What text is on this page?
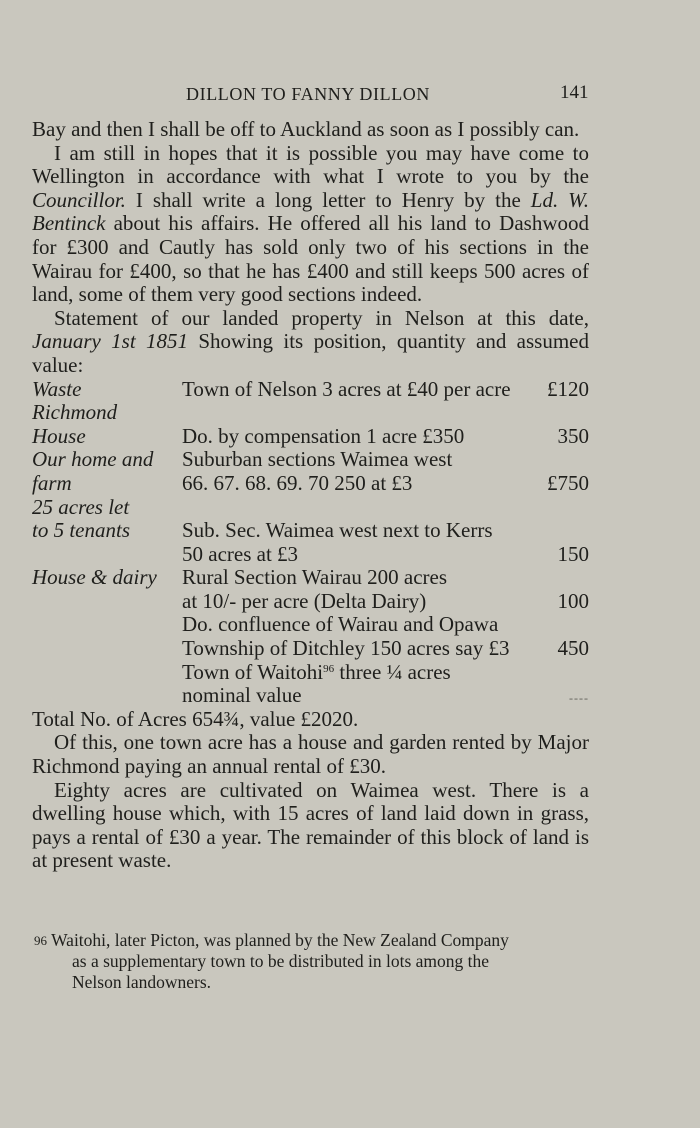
DILLON TO FANNY DILLON	141

Bay and then I shall be off to Auckland as soon as I possibly can.

I am still in hopes that it is possible you may have come to Wellington in accordance with what I wrote to you by the Councillor. I shall write a long letter to Henry by the Ld. W. Bentinck about his affairs. He offered all his land to Dashwood for £300 and Cautly has sold only two of his sections in the Wairau for £400, so that he has £400 and still keeps 500 acres of land, some of them very good sections indeed.

Statement of our landed property in Nelson at this date, January 1st 1851 Showing its position, quantity and assumed value:

Waste	Town of Nelson 3 acres at £40 per acre	£120
Richmond
House	Do. by compensation 1 acre £350	350
Our home and	Suburban sections Waimea west
farm	66. 67. 68. 69. 70 250 at £3	£750
25 acres let
to 5 tenants	Sub. Sec. Waimea west next to Kerrs
50 acres at £3	150
House & dairy	Rural Section Wairau 200 acres
at 10/- per acre (Delta Dairy)	100
Do. confluence of Wairau and Opawa
Township of Ditchley 150 acres say £3	450
Town of Waitohi$^{96}$ three ¼ acres
nominal value	----

Total No. of Acres 654¾, value £2020.

Of this, one town acre has a house and garden rented by Major Richmond paying an annual rental of £30.

Eighty acres are cultivated on Waimea west. There is a dwelling house which, with 15 acres of land laid down in grass, pays a rental of £30 a year. The remainder of this block of land is at present waste.

96 Waitohi, later Picton, was planned by the New Zealand Company
as a supplementary town to be distributed in lots among the
Nelson landowners.
